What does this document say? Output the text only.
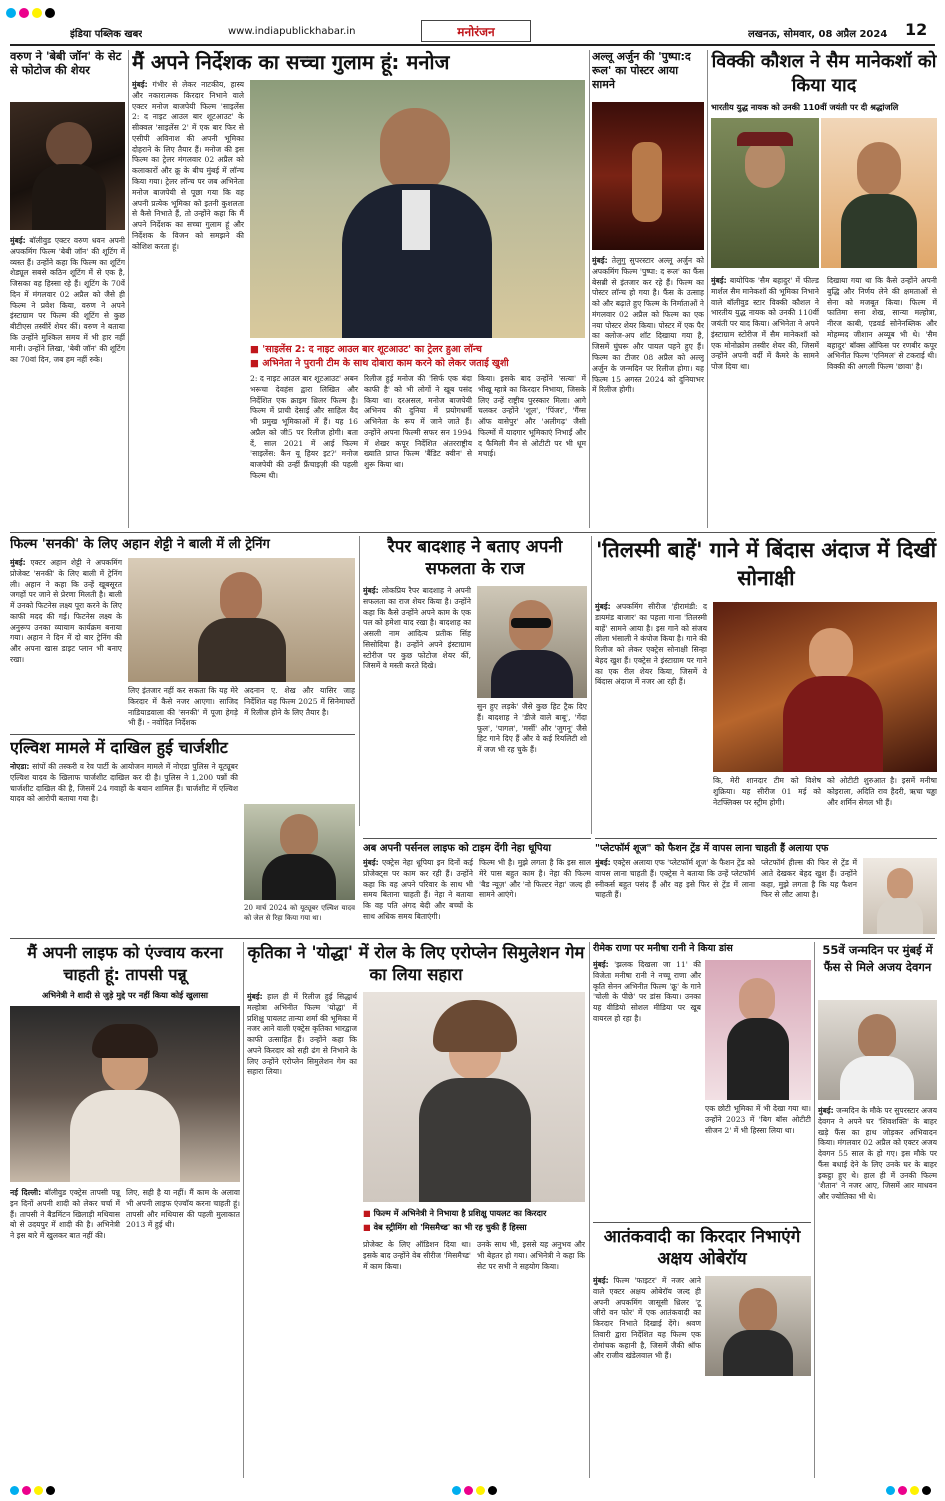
इंडिया पब्लिक खबर	www.indiapublickhabar.in	मनोरंजन	लखनऊ, सोमवार, 08 अप्रैल 2024 12
वरुण ने 'बेबी जॉन' के सेट से फोटोज की शेयर
मुंबई: बॉलीवुड एक्टर वरुण धवन अपनी अपकमिंग फिल्म 'बेबी जॉन' की शूटिंग में व्यस्त हैं। उन्होंने कहा कि फिल्म का शूटिंग शेड्यूल सबसे कठिन शूटिंग में से एक है, जिसका वह हिस्सा रहे हैं। शूटिंग के 70वें दिन में मंगलवार 02 अप्रैल को जैसे ही फिल्म ने प्रवेश किया, वरुण ने अपने इंस्टाग्राम पर फिल्म की शूटिंग से कुछ बीटीएस तस्वीरें शेयर कीं। वरुण ने बताया कि उन्होंने मुश्किल समय में भी हार नहीं मानी। उन्होंने लिखा, 'बेबी जॉन' की शूटिंग का 70वां दिन, जब हम नहीं रुके।
मैं अपने निर्देशक का सच्चा गुलाम हूं: मनोज
मुंबई: गंभीर से लेकर नाटकीय, हास्य और नकारात्मक किरदार निभाने वाले एक्टर मनोज बाजपेयी फिल्म 'साइलेंस 2: द नाइट आउल बार शूटआउट' के सीक्वल 'साइलेंस 2' में एक बार फिर से एसीपी अविनाश की अपनी भूमिका दोहराने के लिए तैयार हैं। मनोज की इस फिल्म का ट्रेलर मंगलवार 02 अप्रैल को कलाकारों और क्रू के बीच मुंबई में लॉन्च किया गया। ट्रेलर लॉन्च पर जब अभिनेता मनोज बाजपेयी से पूछा गया कि वह अपनी प्रत्येक भूमिका को इतनी कुशलता से कैसे निभाते हैं, तो उन्होंने कहा कि मैं अपने निर्देशक का सच्चा गुलाम हूं और निर्देशक के विजन को समझने की कोशिश करता हूं।
■ 'साइलेंस 2: द नाइट आउल बार शूटआउट' का ट्रेलर हुआ लॉन्च
■ अभिनेता ने पुरानी टीम के साथ दोबारा काम करने को लेकर जताई खुशी
2: द नाइट आउल बार शूटआउट' अबन भरूचा देवहंस द्वारा लिखित और निर्देशित एक क्राइम थ्रिलर फिल्म है। फिल्म में प्राची देसाई और साहिल वैद भी प्रमुख भूमिकाओं में हैं। यह 16 अप्रैल को जी5 पर रिलीज होगी। बता दें, साल 2021 में आई फिल्म 'साइलेंस: कैन यू हियर इट?' मनोज बाजपेयी की उन्हीं फ्रैंचाइज़ी की पहली फिल्म थी।
रिलीज हुई मनोज की 'सिर्फ एक बंदा काफी है' को भी लोगों ने खूब पसंद किया था। दरअसल, मनोज बाजपेयी अभिनय की दुनिया में प्रयोगधर्मी अभिनेता के रूप में जाने जाते हैं। उन्होंने अपना फिल्मी सफर सन 1994 में शेखर कपूर निर्देशित अंतरराष्ट्रीय ख्याति प्राप्त फिल्म 'बैंडिट क्वीन' से शुरू किया था।
किया। इसके बाद उन्होंने 'सत्या' में भीखू म्हात्रे का किरदार निभाया, जिसके लिए उन्हें राष्ट्रीय पुरस्कार मिला। आगे चलकर उन्होंने 'शूल', 'पिंजर', 'गैंग्स ऑफ वासेपुर' और 'अलीगढ़' जैसी फिल्मों में यादगार भूमिकाएं निभाईं और द फैमिली मैन से ओटीटी पर भी धूम मचाई।
अल्लू अर्जुन की 'पुष्पा:द रूल' का पोस्टर आया सामने
मुंबई: तेलुगु सुपरस्टार अल्लू अर्जुन को अपकमिंग फिल्म 'पुष्पा: द रूल' का फैंस बेसब्री से इंतजार कर रहे हैं। फिल्म का पोस्टर लॉन्च हो गया है। फैंस के उत्साह को और बढ़ाते हुए फिल्म के निर्माताओं ने मंगलवार 02 अप्रैल को फिल्म का एक नया पोस्टर शेयर किया। पोस्टर में एक पैर का क्लोज-अप शॉट दिखाया गया है, जिसमें घुंघरू और पायल पहने हुए हैं। फिल्म का टीजर 08 अप्रैल को अल्लू अर्जुन के जन्मदिन पर रिलीज होगा। यह फिल्म 15 अगस्त 2024 को दुनियाभर में रिलीज होगी।
विक्की कौशल ने सैम मानेकशॉ को किया याद
भारतीय युद्ध नायक को उनकी 110वीं जयंती पर दी श्रद्धांजलि
मुंबई: बायोपिक 'सैम बहादुर' में फील्ड मार्शल सैम मानेकशॉ की भूमिका निभाने वाले बॉलीवुड स्टार विक्की कौशल ने भारतीय युद्ध नायक को उनकी 110वीं जयंती पर याद किया। अभिनेता ने अपने इंस्टाग्राम स्टोरीज में सैम मानेकशॉ को एक मोनोक्रोम तस्वीर शेयर की, जिसमें उन्होंने अपनी वर्दी में कैमरे के सामने पोज दिया था।
दिखाया गया था कि कैसे उन्होंने अपनी बुद्धि और निर्णय लेने की क्षमताओं से सेना को मजबूत किया। फिल्म में फातिमा सना शेख, सान्या मल्होत्रा, नीरज काबी, एडवर्ड सोनेनब्लिक और मोहम्मद जीशान अय्यूब भी थे। 'सैम बहादुर' बॉक्स ऑफिस पर रणबीर कपूर अभिनीत फिल्म 'एनिमल' से टकराई थी। विक्की की अगली फिल्म 'छावा' है।
फिल्म 'सनकी' के लिए अहान शेट्टी ने बाली में ली ट्रेनिंग
मुंबई: एक्टर अहान शेट्टी ने अपकमिंग प्रोजेक्ट 'सनकी' के लिए बाली में ट्रेनिंग ली। अहान ने कहा कि उन्हें खूबसूरत जगहों पर जाने से प्रेरणा मिलती है। बाली में उनको फिटनेस लक्ष्य पूरा करने के लिए काफी मदद की गई। फिटनेस लक्ष्य के अनुरूप उनका व्यायाम कार्यक्रम बनाया गया। अहान ने दिन में दो बार ट्रेनिंग की और अपना खास डाइट प्लान भी बनाए रखा।
लिए इंतजार नहीं कर सकता कि यह मेरे किरदार में कैसे नजर आएगा। साजिद नाडियाडवाला की 'सनकी' में पूजा हेगड़े भी हैं। - नवोदित निर्देशक
अदनान ए. शेख और यासिर जाह निर्देशित यह फिल्म 2025 में सिनेमाघरों में रिलीज होने के लिए तैयार है।
रैपर बादशाह ने बताए अपनी सफलता के राज
मुंबई: लोकप्रिय रैपर बादशाह ने अपनी सफलता का राज शेयर किया है। उन्होंने कहा कि कैसे उन्होंने अपने काम के एक पल को हमेशा याद रखा है। बादशाह का असली नाम आदित्य प्रतीक सिंह सिसोदिया है। उन्होंने अपने इंस्टाग्राम स्टोरीज पर कुछ फोटोज शेयर कीं, जिसमें वे मस्ती करते दिखे।
सुन हुए लड़के' जैसे कुछ हिट ट्रैक दिए हैं। बादशाह ने 'डीजे वाले बाबू', 'गेंदा फूल', 'पागल', 'मर्सी' और 'जुगनू' जैसे हिट गाने दिए हैं और वे कई रियलिटी शो में जज भी रह चुके हैं।
'तिलस्मी बाहें' गाने में बिंदास अंदाज में दिखीं सोनाक्षी
मुंबई: अपकमिंग सीरीज 'हीरामंडी: द डायमंड बाजार' का पहला गाना 'तिलस्मी बाहें' सामने आया है। इस गाने को संजय लीला भंसाली ने कंपोज किया है। गाने की रिलीज को लेकर एक्ट्रेस सोनाक्षी सिन्हा बेहद खुश हैं। एक्ट्रेस ने इंस्टाग्राम पर गाने का एक रील शेयर किया, जिसमें वे बिंदास अंदाज में नजर आ रही हैं।
कि, मेरी शानदार टीम को विशेष शुक्रिया। यह सीरीज 01 मई को नेटफ्लिक्स पर स्ट्रीम होगी।
को ओटीटी शुरुआत है। इसमें मनीषा कोइराला, अदिति राव हैदरी, ऋचा चड्ढा और शर्मिन सेगल भी हैं।
एल्विश मामले में दाखिल हुई चार्जशीट
नोएडा: सांपों की तस्करी व रेव पार्टी के आयोजन मामले में नोएडा पुलिस ने यूट्यूबर एल्विश यादव के खिलाफ चार्जशीट दाखिल कर दी है। पुलिस ने 1,200 पन्नों की चार्जशीट दाखिल की है, जिसमें 24 गवाहों के बयान शामिल हैं। चार्जशीट में एल्विश यादव को आरोपी बताया गया है।
20 मार्च 2024 को यूट्यूबर एल्विश यादव को जेल से रिहा किया गया था।
अब अपनी पर्सनल लाइफ को टाइम देंगी नेहा धूपिया
मुंबई: एक्ट्रेस नेहा धूपिया इन दिनों कई प्रोजेक्ट्स पर काम कर रही हैं। उन्होंने कहा कि वह अपने परिवार के साथ भी समय बिताना चाहती हैं। नेहा ने बताया कि वह पति अंगद बेदी और बच्चों के साथ अधिक समय बिताएंगी।
फिल्म भी है। मुझे लगता है कि इस साल मेरे पास बहुत काम है। नेहा की फिल्म 'बैड न्यूज़' और 'नो फिल्टर नेहा' जल्द ही सामने आएंगे।
"प्लेटफॉर्म शूज" को फैशन ट्रेंड में वापस लाना चाहती हैं अलाया एफ
मुंबई: एक्ट्रेस अलाया एफ 'प्लेटफॉर्म शूज' के फैशन ट्रेंड को वापस लाना चाहती हैं। एक्ट्रेस ने बताया कि उन्हें प्लेटफॉर्म स्नीकर्स बहुत पसंद हैं और वह इसे फिर से ट्रेंड में लाना चाहती हैं।
प्लेटफॉर्म हील्स की फिर से ट्रेंड में आते देखकर बेहद खुश हैं। उन्होंने कहा, मुझे लगता है कि यह फैशन फिर से लौट आया है।
मैं अपनी लाइफ को एंज्वाय करना चाहती हूं: तापसी पन्नू
अभिनेत्री ने शादी से जुड़े मुद्दे पर नहीं किया कोई खुलासा
नई दिल्ली: बॉलीवुड एक्ट्रेस तापसी पन्नू इन दिनों अपनी शादी को लेकर चर्चा में हैं। तापसी ने बैडमिंटन खिलाड़ी मथियास बो से उदयपुर में शादी की है। अभिनेत्री ने इस बारे में खुलकर बात नहीं की।
लिए, सही है या नहीं। मैं काम के अलावा भी अपनी लाइफ एंज्वॉय करना चाहती हूं। तापसी और मथियास की पहली मुलाकात 2013 में हुई थी।
कृतिका ने 'योद्धा' में रोल के लिए एरोप्लेन सिमुलेशन गेम का लिया सहारा
मुंबई: हाल ही में रिलीज हुई सिद्धार्थ मल्होत्रा अभिनीत फिल्म 'योद्धा' में प्रशिक्षु पायलट तान्या शर्मा की भूमिका में नजर आने वाली एक्ट्रेस कृतिका भारद्वाज काफी उत्साहित हैं। उन्होंने कहा कि अपने किरदार को सही ढंग से निभाने के लिए उन्होंने एरोप्लेन सिमुलेशन गेम का सहारा लिया।
■ फिल्म में अभिनेत्री ने निभाया है प्रशिक्षु पायलट का किरदार
■ वेब स्ट्रीमिंग शो 'मिसमैच्ड' का भी रह चुकी हैं हिस्सा
प्रोजेक्ट के लिए ऑडिशन दिया था। इसके बाद उन्होंने वेब सीरीज 'मिसमैच्ड' में काम किया।
उनके साथ भी, इससे यह अनुभव और भी बेहतर हो गया। अभिनेत्री ने कहा कि सेट पर सभी ने सहयोग किया।
रीमेक राणा पर मनीषा रानी ने किया डांस
मुंबई: 'झलक दिखला जा 11' की विजेता मनीषा रानी ने नच्चू राणा और कृति सेनन अभिनीत फिल्म 'क्रू' के गाने 'चोली के पीछे' पर डांस किया। उनका यह वीडियो सोशल मीडिया पर खूब वायरल हो रहा है।
एक छोटी भूमिका में भी देखा गया था। उन्होंने 2023 में 'बिग बॉस ओटीटी सीजन 2' में भी हिस्सा लिया था।
55वें जन्मदिन पर मुंबई में फैंस से मिले अजय देवगन
मुंबई: जन्मदिन के मौके पर सुपरस्टार अजय देवगन ने अपने घर 'शिवशक्ति' के बाहर खड़े फैंस का हाथ जोड़कर अभिवादन किया। मंगलवार 02 अप्रैल को एक्टर अजय देवगन 55 साल के हो गए। इस मौके पर फैंस बधाई देने के लिए उनके घर के बाहर इकट्ठा हुए थे। हाल ही में उनकी फिल्म 'शैतान' ने नजर आए, जिसमें आर माधवन और ज्योतिका भी थे।
आतंकवादी का किरदार निभाएंगे अक्षय ओबेरॉय
मुंबई: फिल्म 'फाइटर' में नजर आने वाले एक्टर अक्षय ओबेरॉय जल्द ही अपनी अपकमिंग जासूसी थ्रिलर 'टू जीरो वन फोर' में एक आतंकवादी का किरदार निभाते दिखाई देंगे। श्रवण तिवारी द्वारा निर्देशित यह फिल्म एक रोमांचक कहानी है, जिसमें जैकी श्रॉफ और राजीव खंडेलवाल भी हैं।
